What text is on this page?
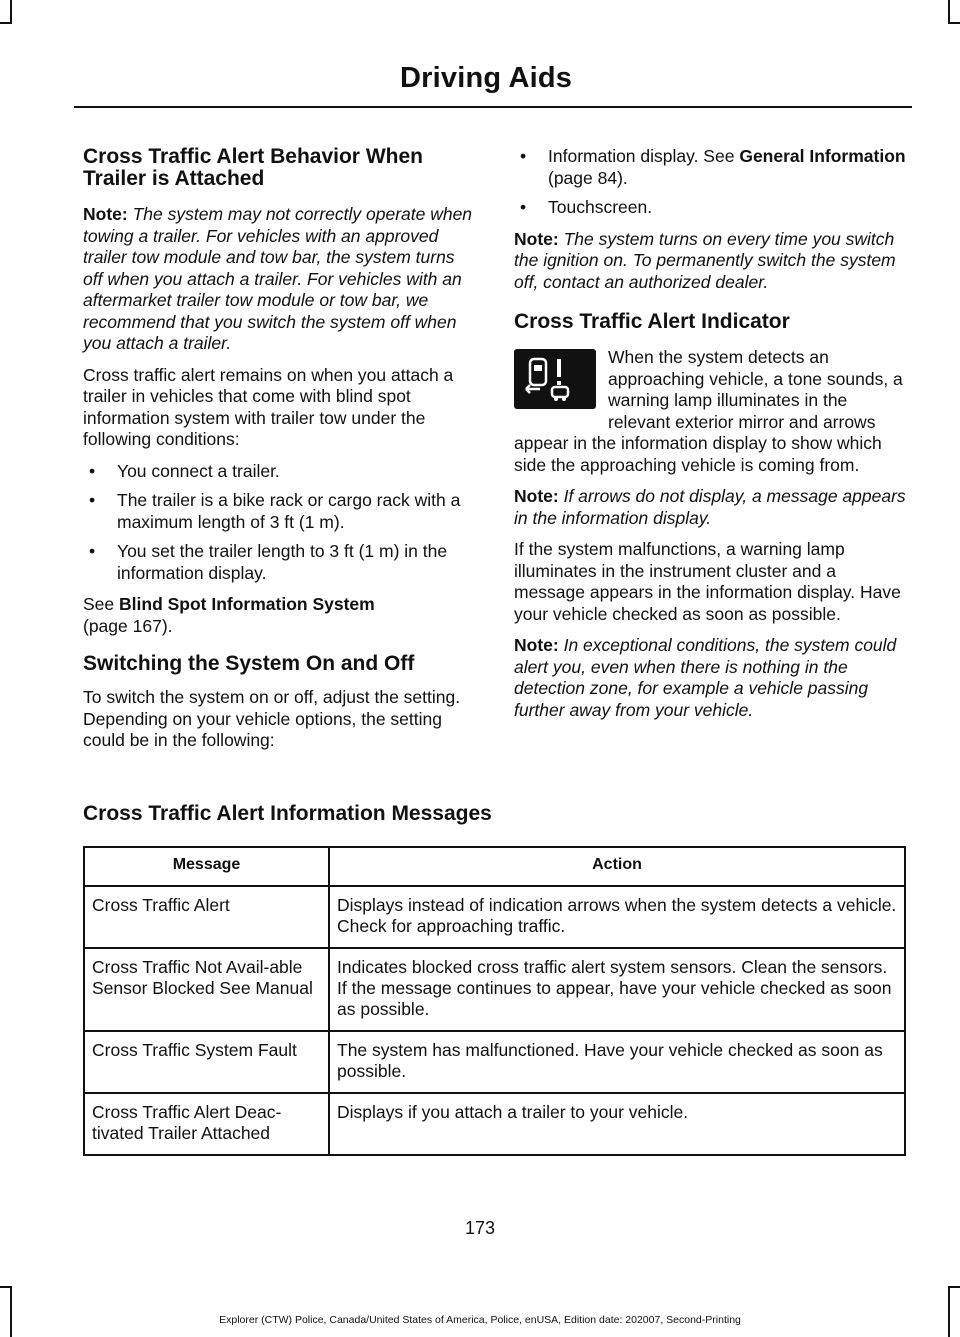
Driving Aids
Cross Traffic Alert Behavior When Trailer is Attached

Note: The system may not correctly operate when towing a trailer. For vehicles with an approved trailer tow module and tow bar, the system turns off when you attach a trailer. For vehicles with an aftermarket trailer tow module or tow bar, we recommend that you switch the system off when you attach a trailer.

Cross traffic alert remains on when you attach a trailer in vehicles that come with blind spot information system with trailer tow under the following conditions:

• You connect a trailer.
• The trailer is a bike rack or cargo rack with a maximum length of 3 ft (1 m).
• You set the trailer length to 3 ft (1 m) in the information display.

See Blind Spot Information System
(page 167).

Switching the System On and Off

To switch the system on or off, adjust the setting. Depending on your vehicle options, the setting could be in the following:

• Information display. See General Information (page 84).
• Touchscreen.

Note: The system turns on every time you switch the ignition on. To permanently switch the system off, contact an authorized dealer.

Cross Traffic Alert Indicator

When the system detects an approaching vehicle, a tone sounds, a warning lamp illuminates in the relevant exterior mirror and arrows appear in the information display to show which side the approaching vehicle is coming from.

Note: If arrows do not display, a message appears in the information display.

If the system malfunctions, a warning lamp illuminates in the instrument cluster and a message appears in the information display. Have your vehicle checked as soon as possible.

Note: In exceptional conditions, the system could alert you, even when there is nothing in the detection zone, for example a vehicle passing further away from your vehicle.

Cross Traffic Alert Information Messages
Message	Action
Cross Traffic Alert	Displays instead of indication arrows when the system detects a vehicle. Check for approaching traffic.
Cross Traffic Not Avail-able Sensor Blocked See Manual	Indicates blocked cross traffic alert system sensors. Clean the sensors. If the message continues to appear, have your vehicle checked as soon as possible.
Cross Traffic System Fault	The system has malfunctioned. Have your vehicle checked as soon as possible.
Cross Traffic Alert Deac-tivated Trailer Attached	Displays if you attach a trailer to your vehicle.
173
Explorer (CTW) Police, Canada/United States of America, Police, enUSA, Edition date: 202007, Second-Printing
